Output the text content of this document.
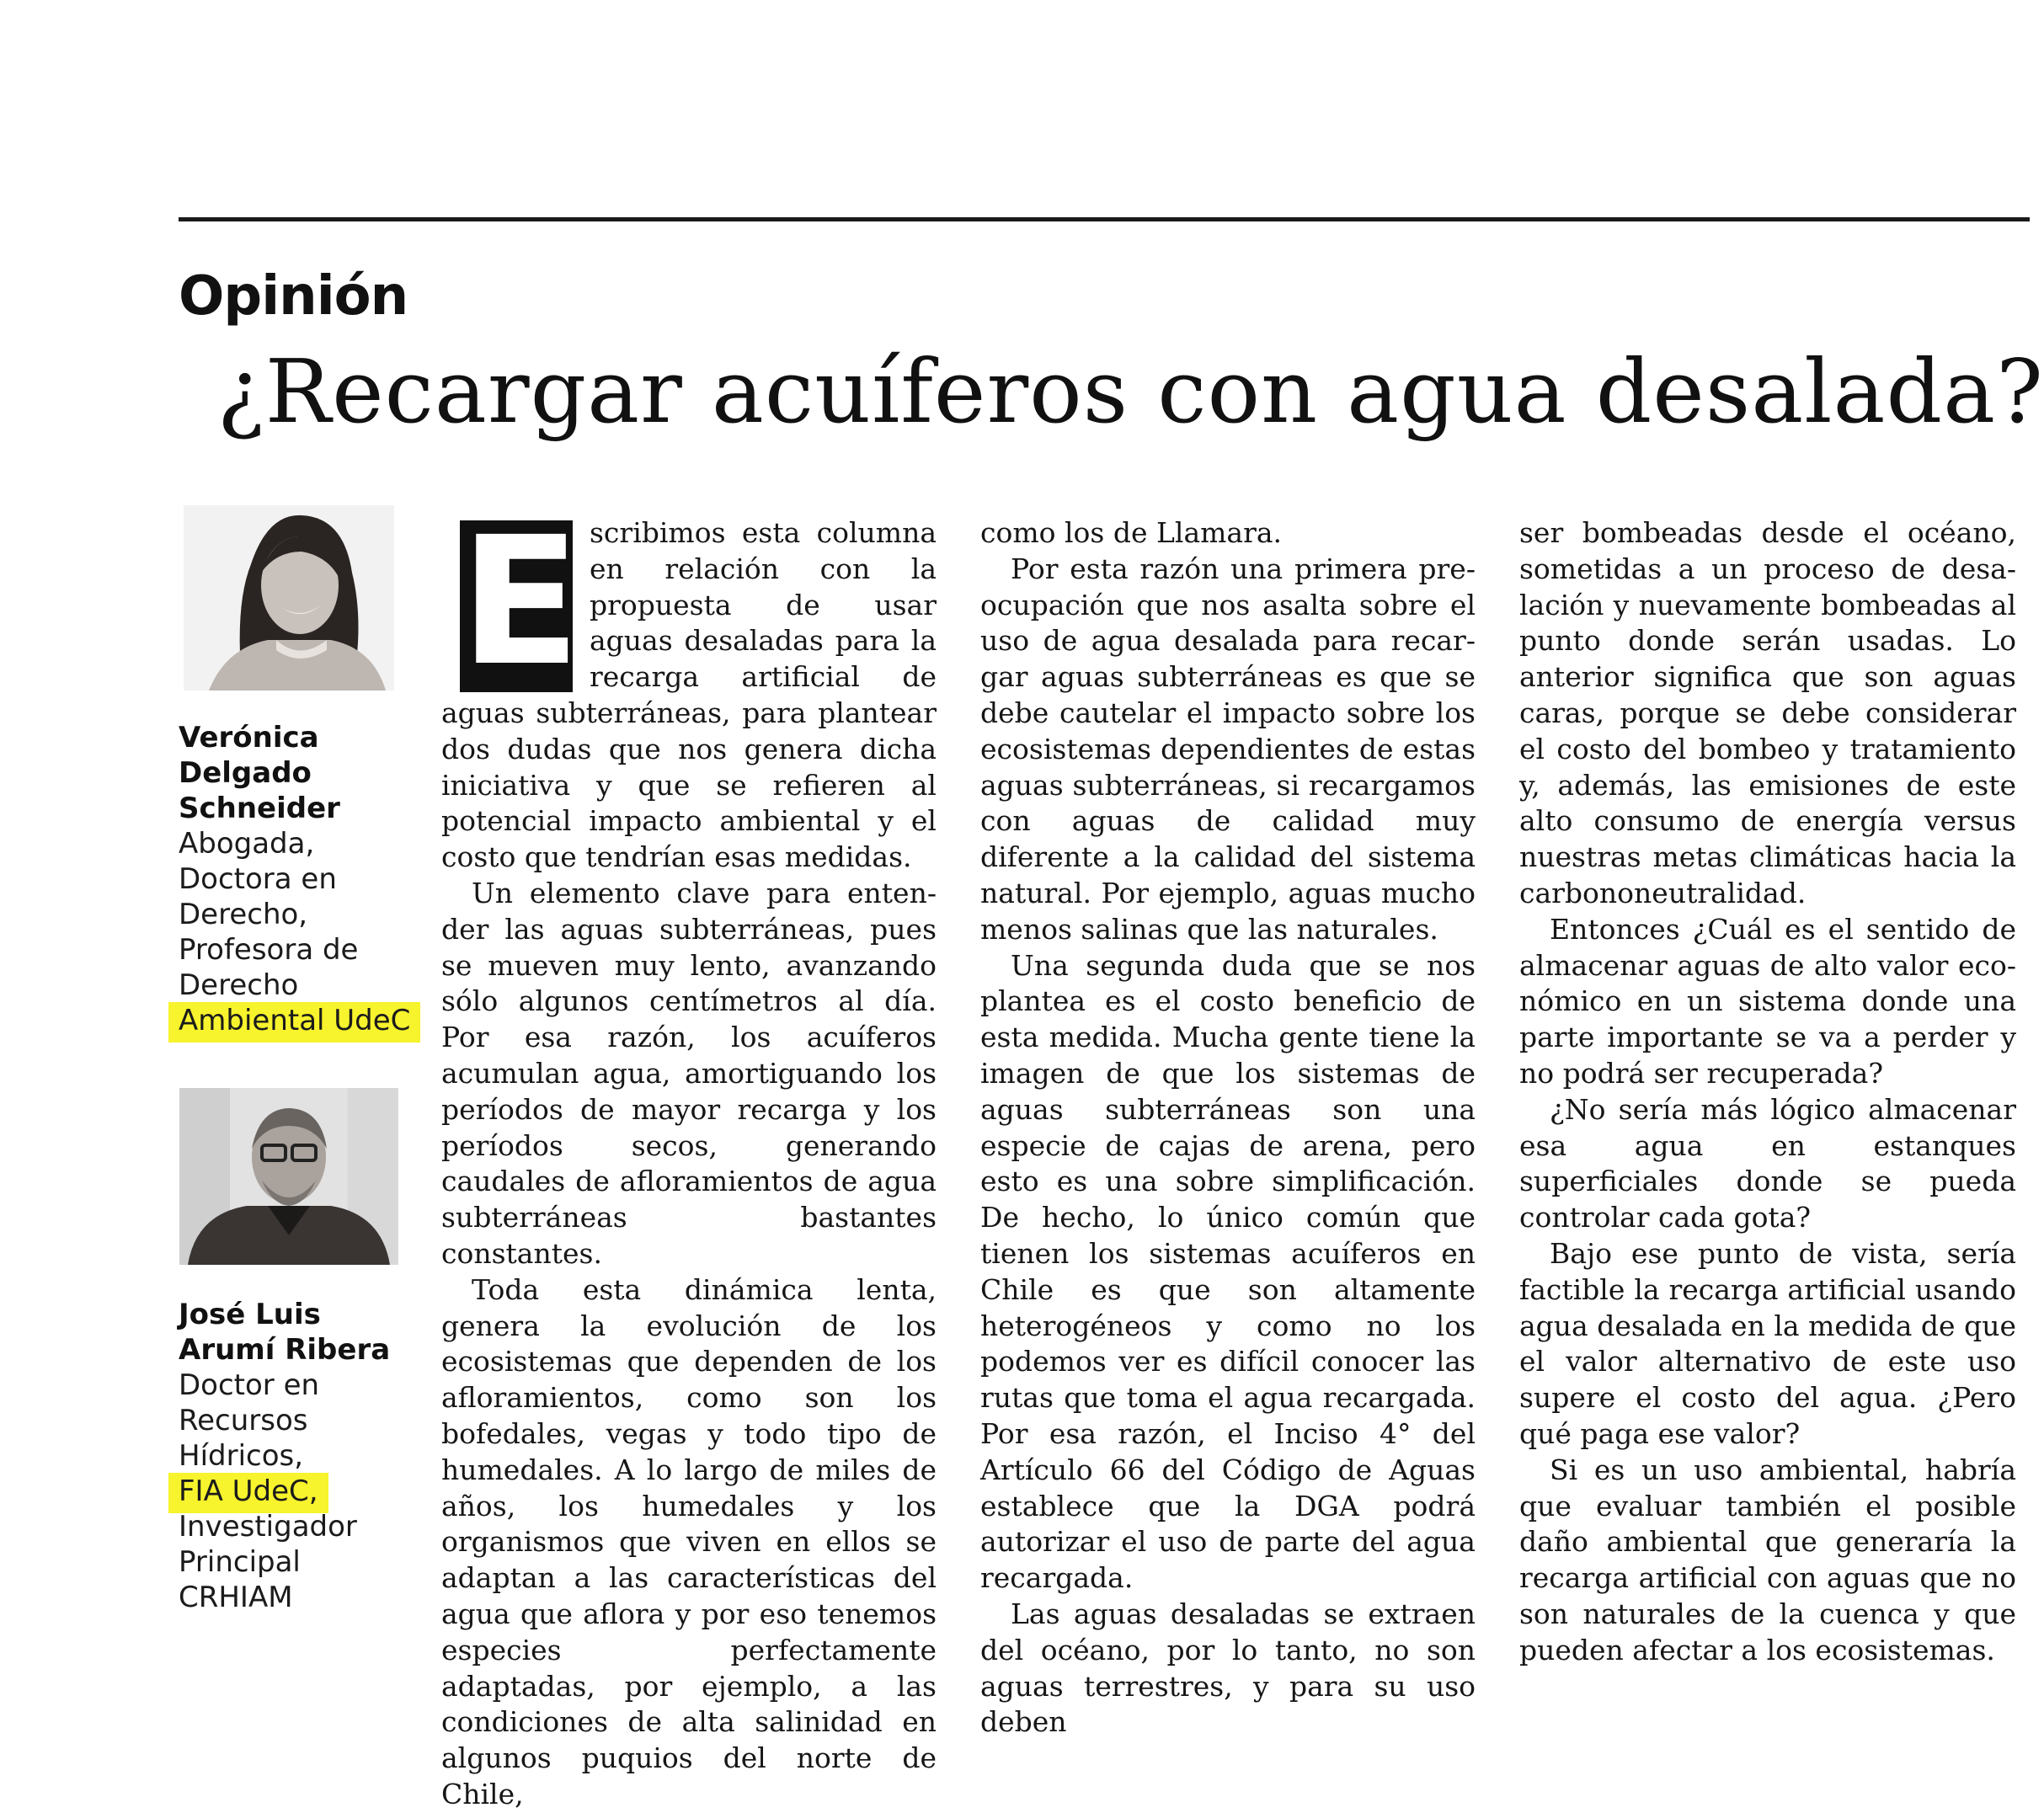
Opinión
¿Recargar acuíferos con agua desalada?
Verónica Delgado Schneider
Abogada, Doctora en Derecho, Profesora de Derecho Ambiental UdeC
José Luis Arumí Ribera
Doctor en Recursos Hídricos,
FIA UdeC,
Investigador Principal CRHIAM
E scribimos esta columna en relación con la propuesta de usar aguas desaladas para la recarga artificial de aguas subterráneas, para plantear dos dudas que nos genera dicha iniciativa y que se refieren al potencial impacto ambiental y el costo que tendrían esas medidas.

Un elemento clave para entender las aguas subterráneas, pues se mueven muy lento, avanzando sólo algunos centímetros al día. Por esa razón, los acuíferos acumulan agua, amortiguando los períodos de mayor recarga y los períodos secos, generando caudales de afloramientos de agua subterráneas bastantes constantes.

Toda esta dinámica lenta, genera la evolución de los ecosistemas que dependen de los afloramientos, como son los bofedales, vegas y todo tipo de humedales. A lo largo de miles de años, los humedales y los organismos que viven en ellos se adaptan a las características del agua que aflora y por eso tenemos especies perfectamente adaptadas, por ejemplo, a las condiciones de alta salinidad en algunos puquios del norte de Chile,

como los de Llamara.

Por esta razón una primera preocupación que nos asalta sobre el uso de agua desalada para recargar aguas subterráneas es que se debe cautelar el impacto sobre los ecosistemas dependientes de estas aguas subterráneas, si recargamos con aguas de calidad muy diferente a la calidad del sistema natural. Por ejemplo, aguas mucho menos salinas que las naturales.

Una segunda duda que se nos plantea es el costo beneficio de esta medida. Mucha gente tiene la imagen de que los sistemas de aguas subterráneas son una especie de cajas de arena, pero esto es una sobre simplificación. De hecho, lo único común que tienen los sistemas acuíferos en Chile es que son altamente heterogéneos y como no los podemos ver es difícil conocer las rutas que toma el agua recargada. Por esa razón, el Inciso 4° del Artículo 66 del Código de Aguas establece que la DGA podrá autorizar el uso de parte del agua recargada.

Las aguas desaladas se extraen del océano, por lo tanto, no son aguas terrestres, y para su uso deben

ser bombeadas desde el océano, sometidas a un proceso de desalación y nuevamente bombeadas al punto donde serán usadas. Lo anterior significa que son aguas caras, porque se debe considerar el costo del bombeo y tratamiento y, además, las emisiones de este alto consumo de energía versus nuestras metas climáticas hacia la carbononeutralidad.

Entonces ¿Cuál es el sentido de almacenar aguas de alto valor económico en un sistema donde una parte importante se va a perder y no podrá ser recuperada?

¿No sería más lógico almacenar esa agua en estanques superficiales donde se pueda controlar cada gota?

Bajo ese punto de vista, sería factible la recarga artificial usando agua desalada en la medida de que el valor alternativo de este uso supere el costo del agua. ¿Pero qué paga ese valor?

Si es un uso ambiental, habría que evaluar también el posible daño ambiental que generaría la recarga artificial con aguas que no son naturales de la cuenca y que pueden afectar a los ecosistemas.
